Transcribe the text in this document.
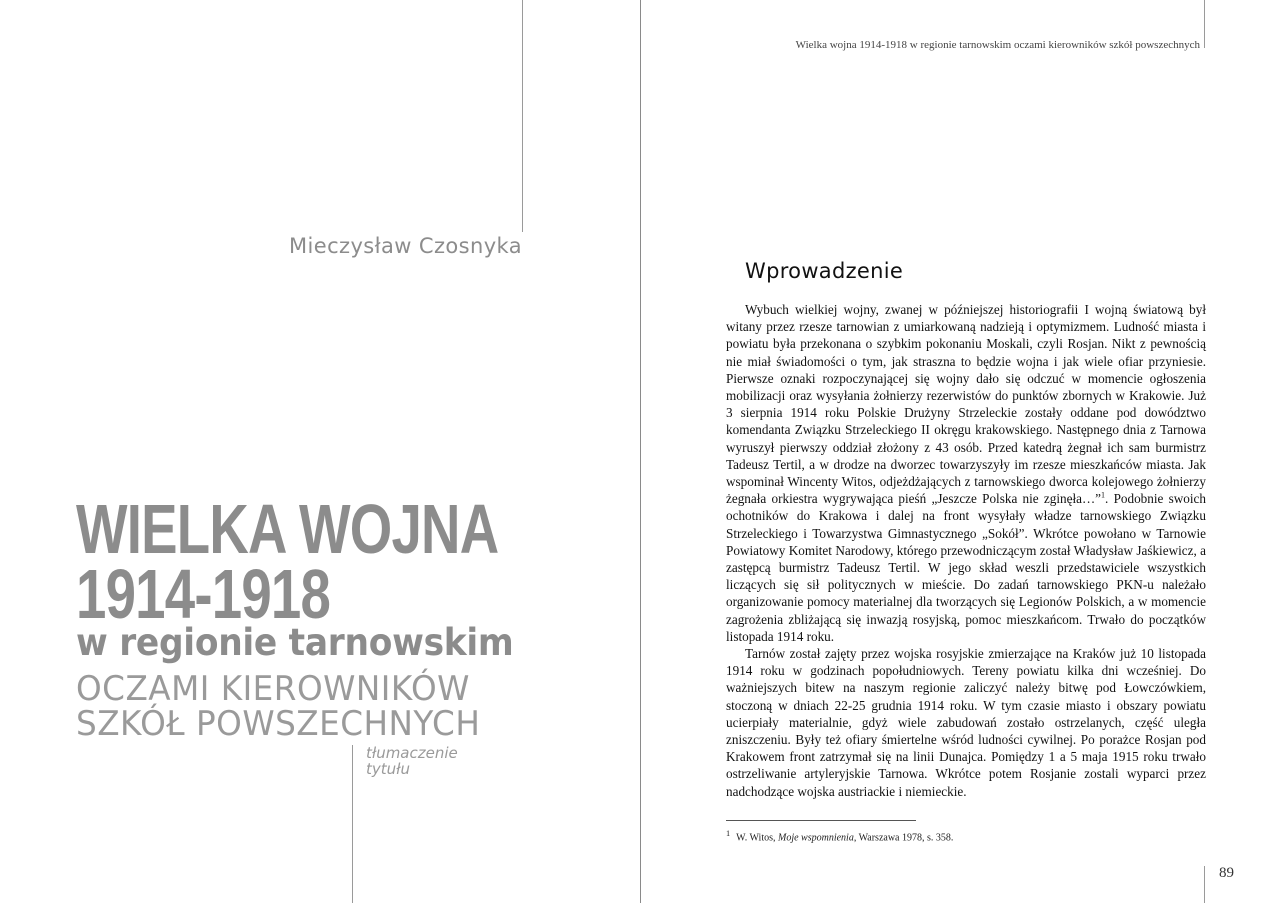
Mieczysław Czosnyka
WIELKA WOJNA
1914-1918
w regionie tarnowskim
OCZAMI KIEROWNIKÓW
SZKÓŁ POWSZECHNYCH
tłumaczenie
tytułu
Wielka wojna 1914-1918 w regionie tarnowskim oczami kierowników szkół powszechnych
Wprowadzenie

Wybuch wielkiej wojny, zwanej w późniejszej historiografii I wojną światową był witany przez rzesze tarnowian z umiarkowaną nadzieją i optymizmem. Ludność miasta i powiatu była przekonana o szybkim pokonaniu Moskali, czyli Rosjan. Nikt z pewnością nie miał świadomości o tym, jak straszna to będzie wojna i jak wiele ofiar przyniesie. Pierwsze oznaki rozpoczynającej się wojny dało się odczuć w momencie ogłoszenia mobilizacji oraz wysyłania żołnierzy rezerwistów do punktów zbornych w Krakowie. Już 3 sierpnia 1914 roku Polskie Drużyny Strzeleckie zostały oddane pod dowództwo komendanta Związku Strzeleckiego II okręgu krakowskiego. Następnego dnia z Tarnowa wyruszył pierwszy oddział złożony z 43 osób. Przed katedrą żegnał ich sam burmistrz Tadeusz Tertil, a w drodze na dworzec towarzyszyły im rzesze mieszkańców miasta. Jak wspominał Wincenty Witos, odjeżdżających z tarnowskiego dworca kolejowego żołnierzy żegnała orkiestra wygrywająca pieśń „Jeszcze Polska nie zginęła…”$^1$. Podobnie swoich ochotników do Krakowa i dalej na front wysyłały władze tarnowskiego Związku Strzeleckiego i Towarzystwa Gimnastycznego „Sokół”. Wkrótce powołano w Tarnowie Powiatowy Komitet Narodowy, którego przewodniczącym został Władysław Jaśkiewicz, a zastępcą burmistrz Tadeusz Tertil. W jego skład weszli przedstawiciele wszystkich liczących się sił politycznych w mieście. Do zadań tarnowskiego PKN-u należało organizowanie pomocy materialnej dla tworzących się Legionów Polskich, a w momencie zagrożenia zbliżającą się inwazją rosyjską, pomoc mieszkańcom. Trwało do początków listopada 1914 roku.

Tarnów został zajęty przez wojska rosyjskie zmierzające na Kraków już 10 listopada 1914 roku w godzinach popołudniowych. Tereny powiatu kilka dni wcześniej. Do ważniejszych bitew na naszym regionie zaliczyć należy bitwę pod Łowczówkiem, stoczoną w dniach 22-25 grudnia 1914 roku. W tym czasie miasto i obszary powiatu ucierpiały materialnie, gdyż wiele zabudowań zostało ostrzelanych, część uległa zniszczeniu. Były też ofiary śmiertelne wśród ludności cywilnej. Po porażce Rosjan pod Krakowem front zatrzymał się na linii Dunajca. Pomiędzy 1 a 5 maja 1915 roku trwało ostrzeliwanie artyleryjskie Tarnowa. Wkrótce potem Rosjanie zostali wyparci przez nadchodzące wojska austriackie i niemieckie.

$^1$ W. Witos, Moje wspomnienia, Warszawa 1978, s. 358.
89
